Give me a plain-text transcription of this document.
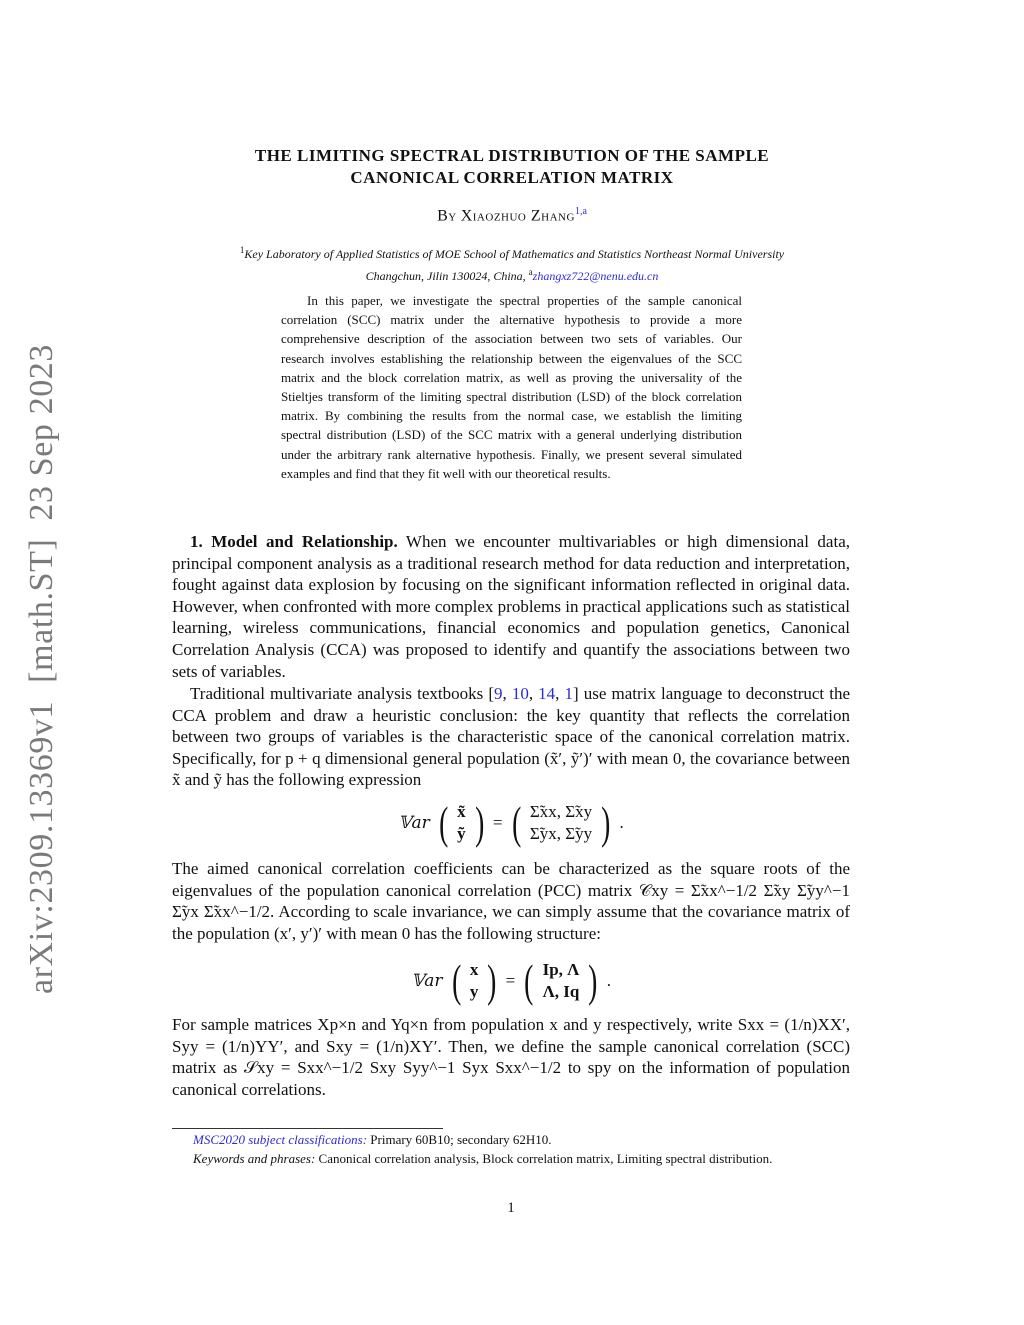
arXiv:2309.13369v1[math.ST]23 Sep 2023
THE LIMITING SPECTRAL DISTRIBUTION OF THE SAMPLE
CANONICAL CORRELATION MATRIX
By Xiaozhuo Zhang$^{1,a}$
$^1$Key Laboratory of Applied Statistics of MOE School of Mathematics and Statistics Northeast Normal University
Changchun, Jilin 130024, China, $^a$zhangxz722@nenu.edu.cn
In this paper, we investigate the spectral properties of the sample canonical correlation (SCC) matrix under the alternative hypothesis to provide a more comprehensive description of the association between two sets of variables. Our research involves establishing the relationship between the eigenvalues of the SCC matrix and the block correlation matrix, as well as proving the universality of the Stieltjes transform of the limiting spectral distribution (LSD) of the block correlation matrix. By combining the results from the normal case, we establish the limiting spectral distribution (LSD) of the SCC matrix with a general underlying distribution under the arbitrary rank alternative hypothesis. Finally, we present several simulated examples and find that they fit well with our theoretical results.
1. Model and Relationship. When we encounter multivariables or high dimensional data, principal component analysis as a traditional research method for data reduction and interpretation, fought against data explosion by focusing on the significant information reflected in original data. However, when confronted with more complex problems in practical applications such as statistical learning, wireless communications, financial economics and population genetics, Canonical Correlation Analysis (CCA) was proposed to identify and quantify the associations between two sets of variables.
Traditional multivariate analysis textbooks [9, 10, 14, 1] use matrix language to deconstruct the CCA problem and draw a heuristic conclusion: the key quantity that reflects the correlation between two groups of variables is the characteristic space of the canonical correlation matrix. Specifically, for p + q dimensional general population (x̃′, ỹ′)′ with mean 0, the covariance between x̃ and ỹ has the following expression
𝕍ar ( x̃
ỹ ) = ( Σ̃xx, Σ̃xy
Σ̃yx, Σ̃yy ) .
The aimed canonical correlation coefficients can be characterized as the square roots of the eigenvalues of the population canonical correlation (PCC) matrix 𝒞xy = Σ̃xx^−1/2 Σ̃xy Σ̃yy^−1 Σ̃yx Σ̃xx^−1/2. According to scale invariance, we can simply assume that the covariance matrix of the population (x′, y′)′ with mean 0 has the following structure:
𝕍ar ( x
y ) = ( Ip, Λ
Λ, Iq ) .
For sample matrices Xp×n and Yq×n from population x and y respectively, write Sxx = (1/n)XX′, Syy = (1/n)YY′, and Sxy = (1/n)XY′. Then, we define the sample canonical correlation (SCC) matrix as 𝒮xy = Sxx^−1/2 Sxy Syy^−1 Syx Sxx^−1/2 to spy on the information of population canonical correlations.
MSC2020 subject classifications: Primary 60B10; secondary 62H10.
Keywords and phrases: Canonical correlation analysis, Block correlation matrix, Limiting spectral distribution.
1
